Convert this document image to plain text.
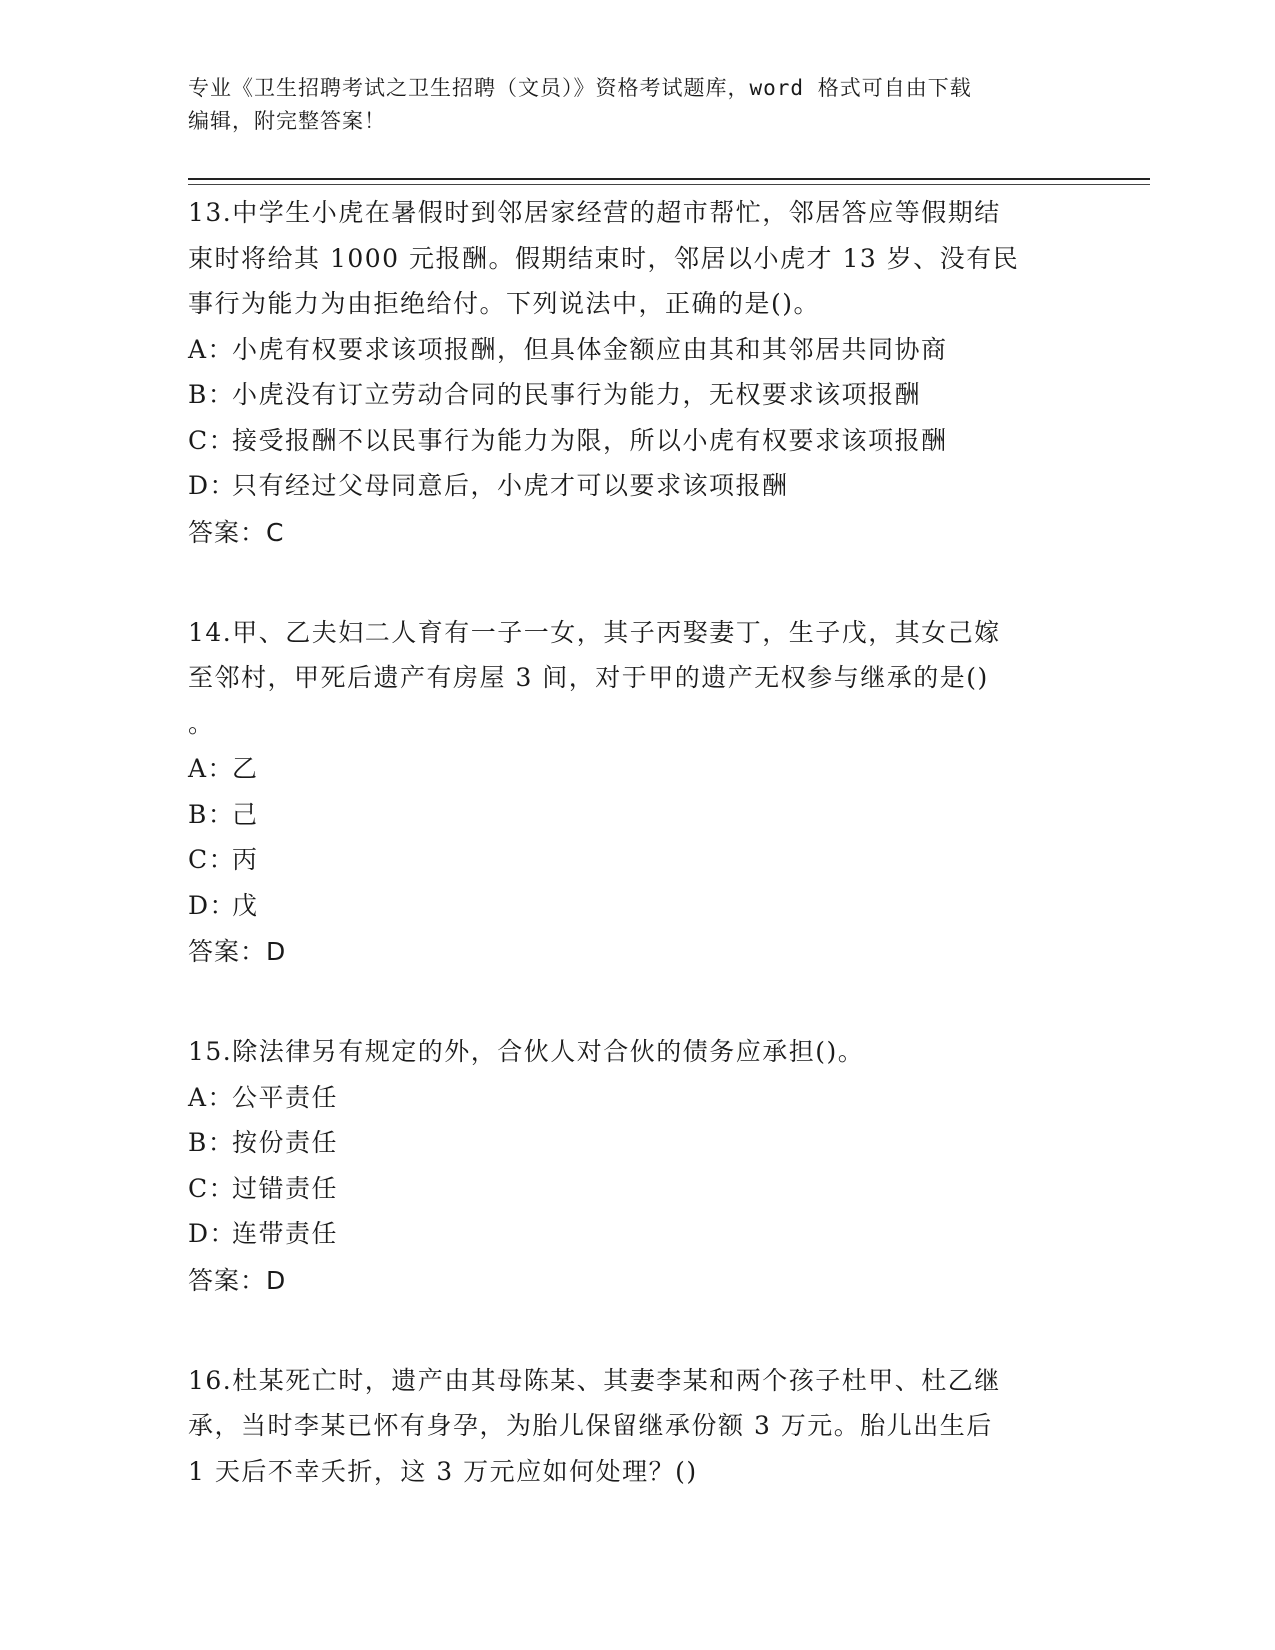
专业《卫生招聘考试之卫生招聘（文员）》资格考试题库，word 格式可自由下载
编辑，附完整答案！

13.中学生小虎在暑假时到邻居家经营的超市帮忙，邻居答应等假期结
束时将给其 1000 元报酬。假期结束时，邻居以小虎才 13 岁、没有民
事行为能力为由拒绝给付。下列说法中，正确的是()。

A：小虎有权要求该项报酬，但具体金额应由其和其邻居共同协商

B：小虎没有订立劳动合同的民事行为能力，无权要求该项报酬

C：接受报酬不以民事行为能力为限，所以小虎有权要求该项报酬

D：只有经过父母同意后，小虎才可以要求该项报酬

答案：C

14.甲、乙夫妇二人育有一子一女，其子丙娶妻丁，生子戊，其女己嫁
至邻村，甲死后遗产有房屋 3 间，对于甲的遗产无权参与继承的是()
。

A：乙

B：己

C：丙

D：戊

答案：D

15.除法律另有规定的外，合伙人对合伙的债务应承担()。

A：公平责任

B：按份责任

C：过错责任

D：连带责任

答案：D

16.杜某死亡时，遗产由其母陈某、其妻李某和两个孩子杜甲、杜乙继
承，当时李某已怀有身孕，为胎儿保留继承份额 3 万元。胎儿出生后
1 天后不幸夭折，这 3 万元应如何处理？()
